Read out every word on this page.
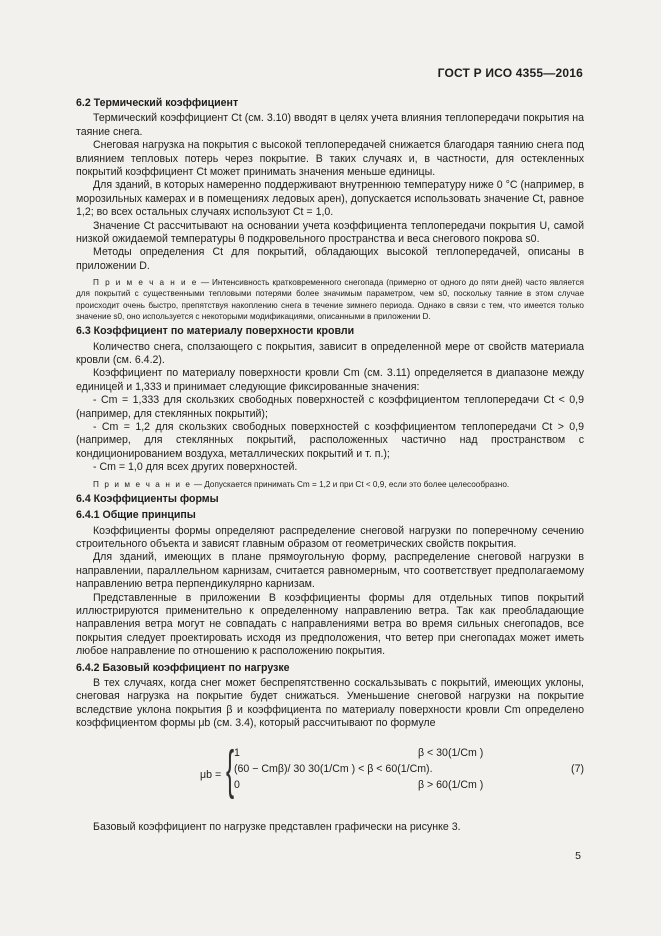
ГОСТ Р ИСО 4355—2016

6.2 Термический коэффициент

Термический коэффициент Ct (см. 3.10) вводят в целях учета влияния теплопередачи покрытия на таяние снега.

Снеговая нагрузка на покрытия с высокой теплопередачей снижается благодаря таянию снега под влиянием тепловых потерь через покрытие. В таких случаях и, в частности, для остекленных покрытий коэффициент Ct может принимать значения меньше единицы.

Для зданий, в которых намеренно поддерживают внутреннюю температуру ниже 0 °С (например, в морозильных камерах и в помещениях ледовых арен), допускается использовать значение Ct, равное 1,2; во всех остальных случаях используют Ct = 1,0.

Значение Ct рассчитывают на основании учета коэффициента теплопередачи покрытия U, самой низкой ожидаемой температуры θ подкровельного пространства и веса снегового покрова s0.

Методы определения Ct для покрытий, обладающих высокой теплопередачей, описаны в приложении D.

П р и м е ч а н и е — Интенсивность кратковременного снегопада (примерно от одного до пяти дней) часто является для покрытий с существенными тепловыми потерями более значимым параметром, чем s0, поскольку таяние в этом случае происходит очень быстро, препятствуя накоплению снега в течение зимнего периода. Однако в связи с тем, что имеется только значение s0, оно используется с некоторыми модификациями, описанными в приложении D.

6.3 Коэффициент по материалу поверхности кровли

Количество снега, сползающего с покрытия, зависит в определенной мере от свойств материала кровли (см. 6.4.2).

Коэффициент по материалу поверхности кровли Cm (см. 3.11) определяется в диапазоне между единицей и 1,333 и принимает следующие фиксированные значения:

- Cm = 1,333 для скользких свободных поверхностей с коэффициентом теплопередачи Ct < 0,9 (например, для стеклянных покрытий);

- Cm = 1,2 для скользких свободных поверхностей с коэффициентом теплопередачи Ct > 0,9 (например, для стеклянных покрытий, расположенных частично над пространством с кондиционированием воздуха, металлических покрытий и т. п.);

- Cm = 1,0 для всех других поверхностей.

П р и м е ч а н и е — Допускается принимать Cm = 1,2 и при Ct < 0,9, если это более целесообразно.

6.4 Коэффициенты формы

6.4.1 Общие принципы

Коэффициенты формы определяют распределение снеговой нагрузки по поперечному сечению строительного объекта и зависят главным образом от геометрических свойств покрытия.

Для зданий, имеющих в плане прямоугольную форму, распределение снеговой нагрузки в направлении, параллельном карнизам, считается равномерным, что соответствует предполагаемому направлению ветра перпендикулярно карнизам.

Представленные в приложении В коэффициенты формы для отдельных типов покрытий иллюстрируются применительно к определенному направлению ветра. Так как преобладающие направления ветра могут не совпадать с направлениями ветра во время сильных снегопадов, все покрытия следует проектировать исходя из предположения, что ветер при снегопадах может иметь любое направление по отношению к расположению покрытия.

6.4.2 Базовый коэффициент по нагрузке

В тех случаях, когда снег может беспрепятственно соскальзывать с покрытий, имеющих уклоны, снеговая нагрузка на покрытие будет снижаться. Уменьшение снеговой нагрузки на покрытие вследствие уклона покрытия β и коэффициента по материалу поверхности кровли Cm определено коэффициентом формы μb (см. 3.4), который рассчитывают по формуле

μb = { 1
(60 − Cmβ)/ 30 30(1/Cm ) < β < 60(1/Cm).
0
β < 30(1/Cm )
β > 60(1/Cm )
(7)

Базовый коэффициент по нагрузке представлен графически на рисунке 3.

5
